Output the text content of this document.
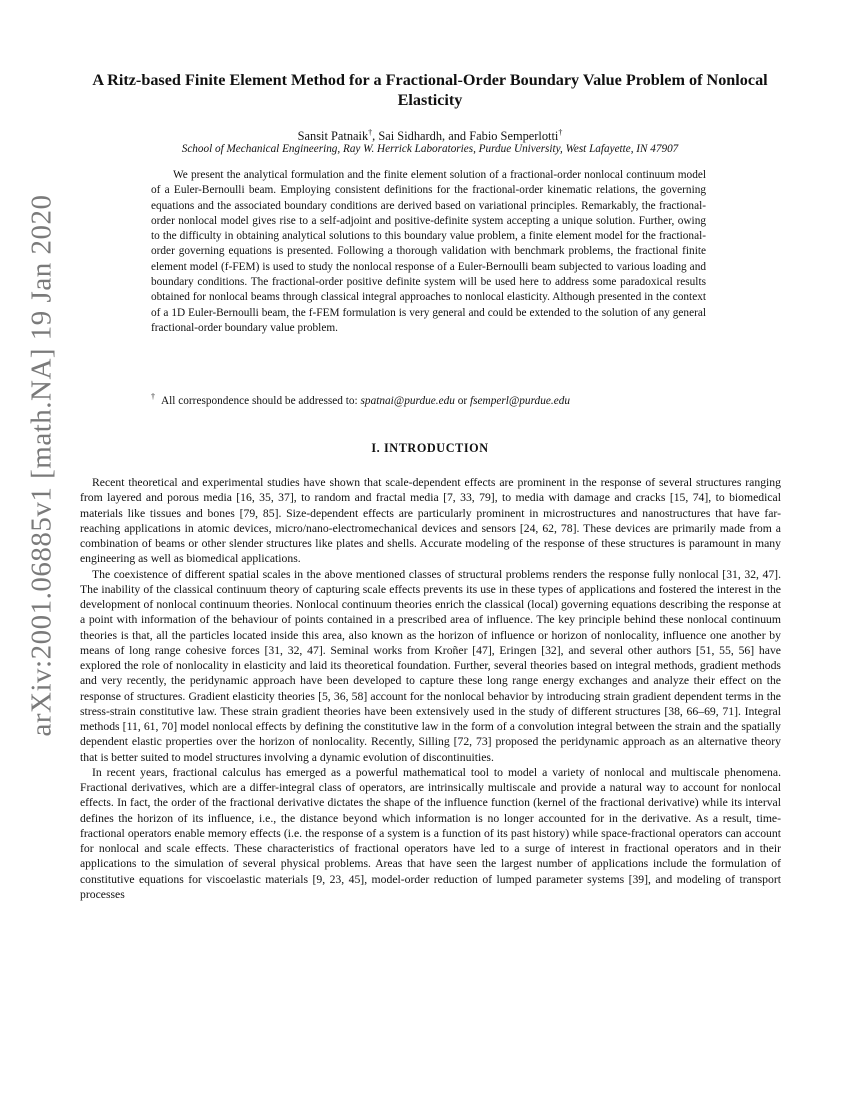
arXiv:2001.06885v1 [math.NA] 19 Jan 2020
A Ritz-based Finite Element Method for a Fractional-Order Boundary Value Problem of Nonlocal Elasticity
Sansit Patnaik†, Sai Sidhardh, and Fabio Semperlotti†
School of Mechanical Engineering, Ray W. Herrick Laboratories, Purdue University, West Lafayette, IN 47907
We present the analytical formulation and the finite element solution of a fractional-order nonlocal continuum model of a Euler-Bernoulli beam. Employing consistent definitions for the fractional-order kinematic relations, the governing equations and the associated boundary conditions are derived based on variational principles. Remarkably, the fractional-order nonlocal model gives rise to a self-adjoint and positive-definite system accepting a unique solution. Further, owing to the difficulty in obtaining analytical solutions to this boundary value problem, a finite element model for the fractional-order governing equations is presented. Following a thorough validation with benchmark problems, the fractional finite element model (f-FEM) is used to study the nonlocal response of a Euler-Bernoulli beam subjected to various loading and boundary conditions. The fractional-order positive definite system will be used here to address some paradoxical results obtained for nonlocal beams through classical integral approaches to nonlocal elasticity. Although presented in the context of a 1D Euler-Bernoulli beam, the f-FEM formulation is very general and could be extended to the solution of any general fractional-order boundary value problem.
† All correspondence should be addressed to: spatnai@purdue.edu or fsemperl@purdue.edu
I. INTRODUCTION

Recent theoretical and experimental studies have shown that scale-dependent effects are prominent in the response of several structures ranging from layered and porous media [16, 35, 37], to random and fractal media [7, 33, 79], to media with damage and cracks [15, 74], to biomedical materials like tissues and bones [79, 85]. Size-dependent effects are particularly prominent in microstructures and nanostructures that have far-reaching applications in atomic devices, micro/nano-electromechanical devices and sensors [24, 62, 78]. These devices are primarily made from a combination of beams or other slender structures like plates and shells. Accurate modeling of the response of these structures is paramount in many engineering as well as biomedical applications.

The coexistence of different spatial scales in the above mentioned classes of structural problems renders the response fully nonlocal [31, 32, 47]. The inability of the classical continuum theory of capturing scale effects prevents its use in these types of applications and fostered the interest in the development of nonlocal continuum theories. Nonlocal continuum theories enrich the classical (local) governing equations describing the response at a point with information of the behaviour of points contained in a prescribed area of influence. The key principle behind these nonlocal continuum theories is that, all the particles located inside this area, also known as the horizon of influence or horizon of nonlocality, influence one another by means of long range cohesive forces [31, 32, 47]. Seminal works from Kroñer [47], Eringen [32], and several other authors [51, 55, 56] have explored the role of nonlocality in elasticity and laid its theoretical foundation. Further, several theories based on integral methods, gradient methods and very recently, the peridynamic approach have been developed to capture these long range energy exchanges and analyze their effect on the response of structures. Gradient elasticity theories [5, 36, 58] account for the nonlocal behavior by introducing strain gradient dependent terms in the stress-strain constitutive law. These strain gradient theories have been extensively used in the study of different structures [38, 66–69, 71]. Integral methods [11, 61, 70] model nonlocal effects by defining the constitutive law in the form of a convolution integral between the strain and the spatially dependent elastic properties over the horizon of nonlocality. Recently, Silling [72, 73] proposed the peridynamic approach as an alternative theory that is better suited to model structures involving a dynamic evolution of discontinuities.

In recent years, fractional calculus has emerged as a powerful mathematical tool to model a variety of nonlocal and multiscale phenomena. Fractional derivatives, which are a differ-integral class of operators, are intrinsically multiscale and provide a natural way to account for nonlocal effects. In fact, the order of the fractional derivative dictates the shape of the influence function (kernel of the fractional derivative) while its interval defines the horizon of its influence, i.e., the distance beyond which information is no longer accounted for in the derivative. As a result, time-fractional operators enable memory effects (i.e. the response of a system is a function of its past history) while space-fractional operators can account for nonlocal and scale effects. These characteristics of fractional operators have led to a surge of interest in fractional operators and in their applications to the simulation of several physical problems. Areas that have seen the largest number of applications include the formulation of constitutive equations for viscoelastic materials [9, 23, 45], model-order reduction of lumped parameter systems [39], and modeling of transport processes
